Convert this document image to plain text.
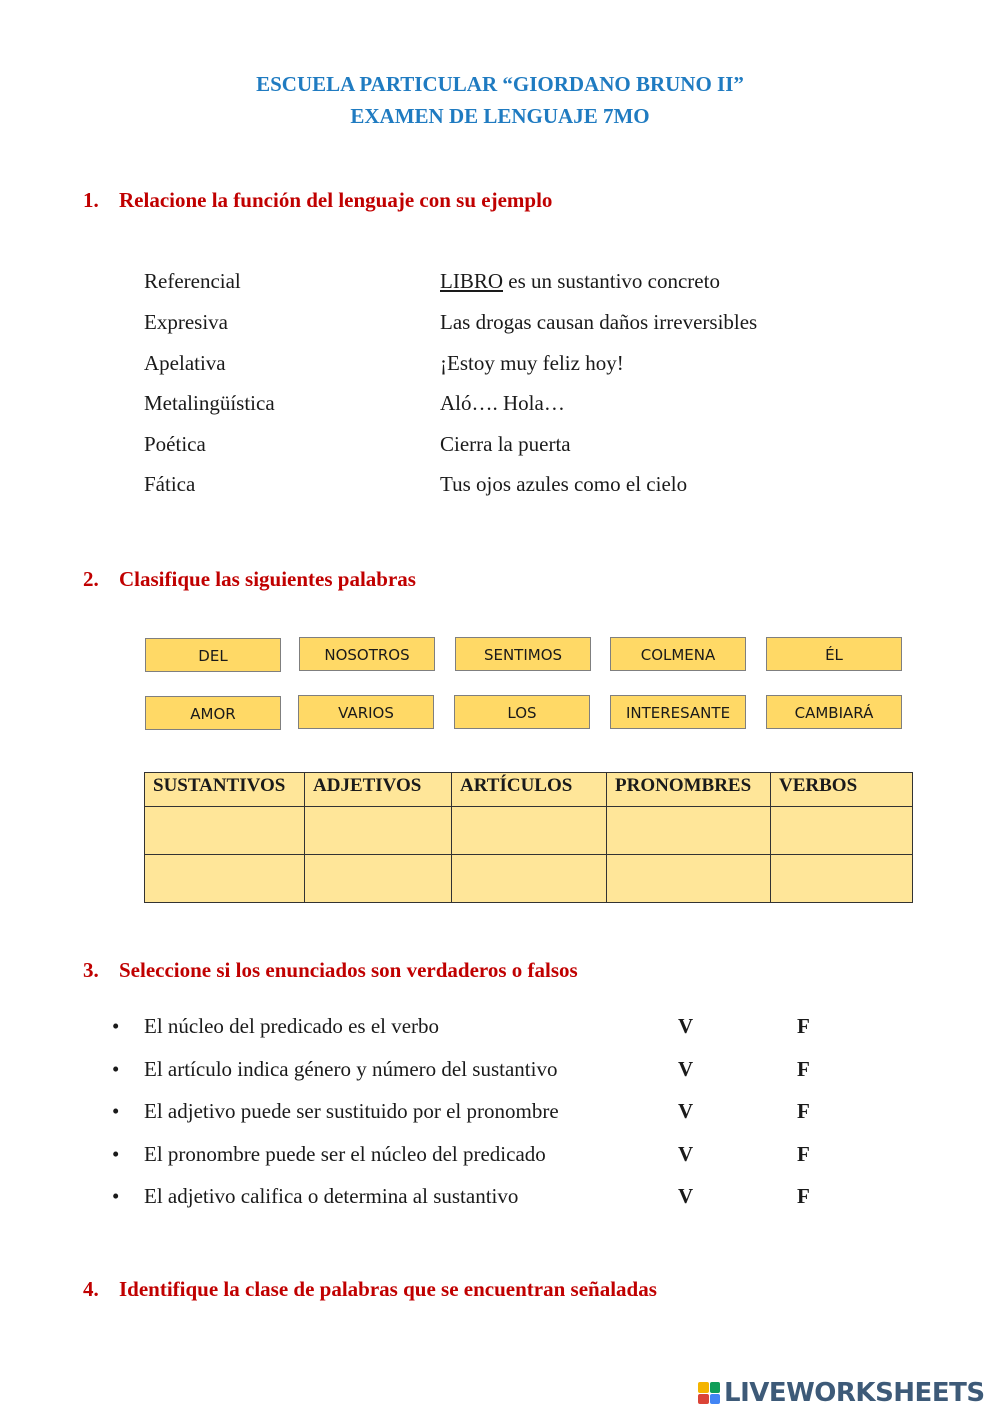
ESCUELA PARTICULAR “GIORDANO BRUNO II”
EXAMEN DE LENGUAJE 7MO
1. Relacione la función del lenguaje con su ejemplo
Referencial	LIBRO es un sustantivo concreto
Expresiva	Las drogas causan daños irreversibles
Apelativa	¡Estoy muy feliz hoy!
Metalingüística	Aló…. Hola…
Poética	Cierra la puerta
Fática	Tus ojos azules como el cielo
2. Clasifique las siguientes palabras
DEL	NOSOTROS	SENTIMOS	COLMENA	ÉL
AMOR	VARIOS	LOS	INTERESANTE	CAMBIARÁ
SUSTANTIVOS	ADJETIVOS	ARTÍCULOS	PRONOMBRES	VERBOS

3. Seleccione si los enunciados son verdaderos o falsos
• El núcleo del predicado es el verbo	V	F
• El artículo indica género y número del sustantivo	V	F
• El adjetivo puede ser sustituido por el pronombre	V	F
• El pronombre puede ser el núcleo del predicado	V	F
• El adjetivo califica o determina al sustantivo	V	F
4. Identifique la clase de palabras que se encuentran señaladas
LIVEWORKSHEETS
